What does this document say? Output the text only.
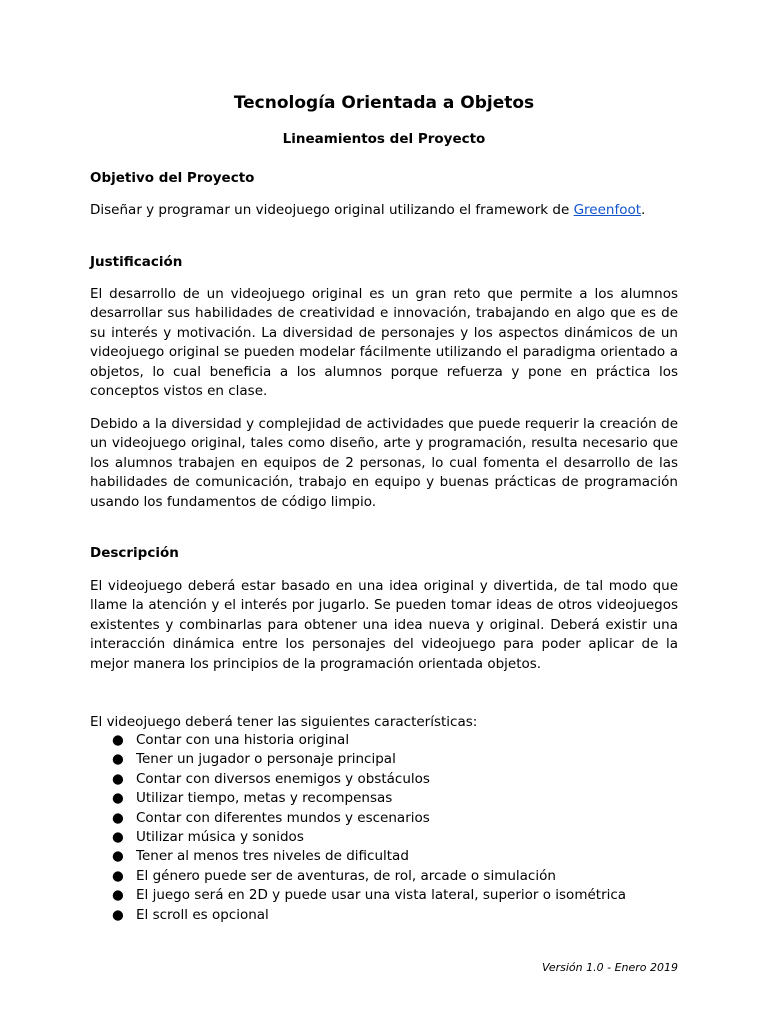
Tecnología Orientada a Objetos
Lineamientos del Proyecto
Objetivo del Proyecto

Diseñar y programar un videojuego original utilizando el framework de Greenfoot.

Justificación

El desarrollo de un videojuego original es un gran reto que permite a los alumnos desarrollar sus habilidades de creatividad e innovación, trabajando en algo que es de su interés y motivación. La diversidad de personajes y los aspectos dinámicos de un videojuego original se pueden modelar fácilmente utilizando el paradigma orientado a objetos, lo cual beneficia a los alumnos porque refuerza y pone en práctica los conceptos vistos en clase.

Debido a la diversidad y complejidad de actividades que puede requerir la creación de un videojuego original, tales como diseño, arte y programación, resulta necesario que los alumnos trabajen en equipos de 2 personas, lo cual fomenta el desarrollo de las habilidades de comunicación, trabajo en equipo y buenas prácticas de programación usando los fundamentos de código limpio.

Descripción

El videojuego deberá estar basado en una idea original y divertida, de tal modo que llame la atención y el interés por jugarlo. Se pueden tomar ideas de otros videojuegos existentes y combinarlas para obtener una idea nueva y original. Deberá existir una interacción dinámica entre los personajes del videojuego para poder aplicar de la mejor manera los principios de la programación orientada objetos.

El videojuego deberá tener las siguientes características:

● Contar con una historia original
● Tener un jugador o personaje principal
● Contar con diversos enemigos y obstáculos
● Utilizar tiempo, metas y recompensas
● Contar con diferentes mundos y escenarios
● Utilizar música y sonidos
● Tener al menos tres niveles de dificultad
● El género puede ser de aventuras, de rol, arcade o simulación
● El juego será en 2D y puede usar una vista lateral, superior o isométrica
● El scroll es opcional
Versión 1.0 - Enero 2019
